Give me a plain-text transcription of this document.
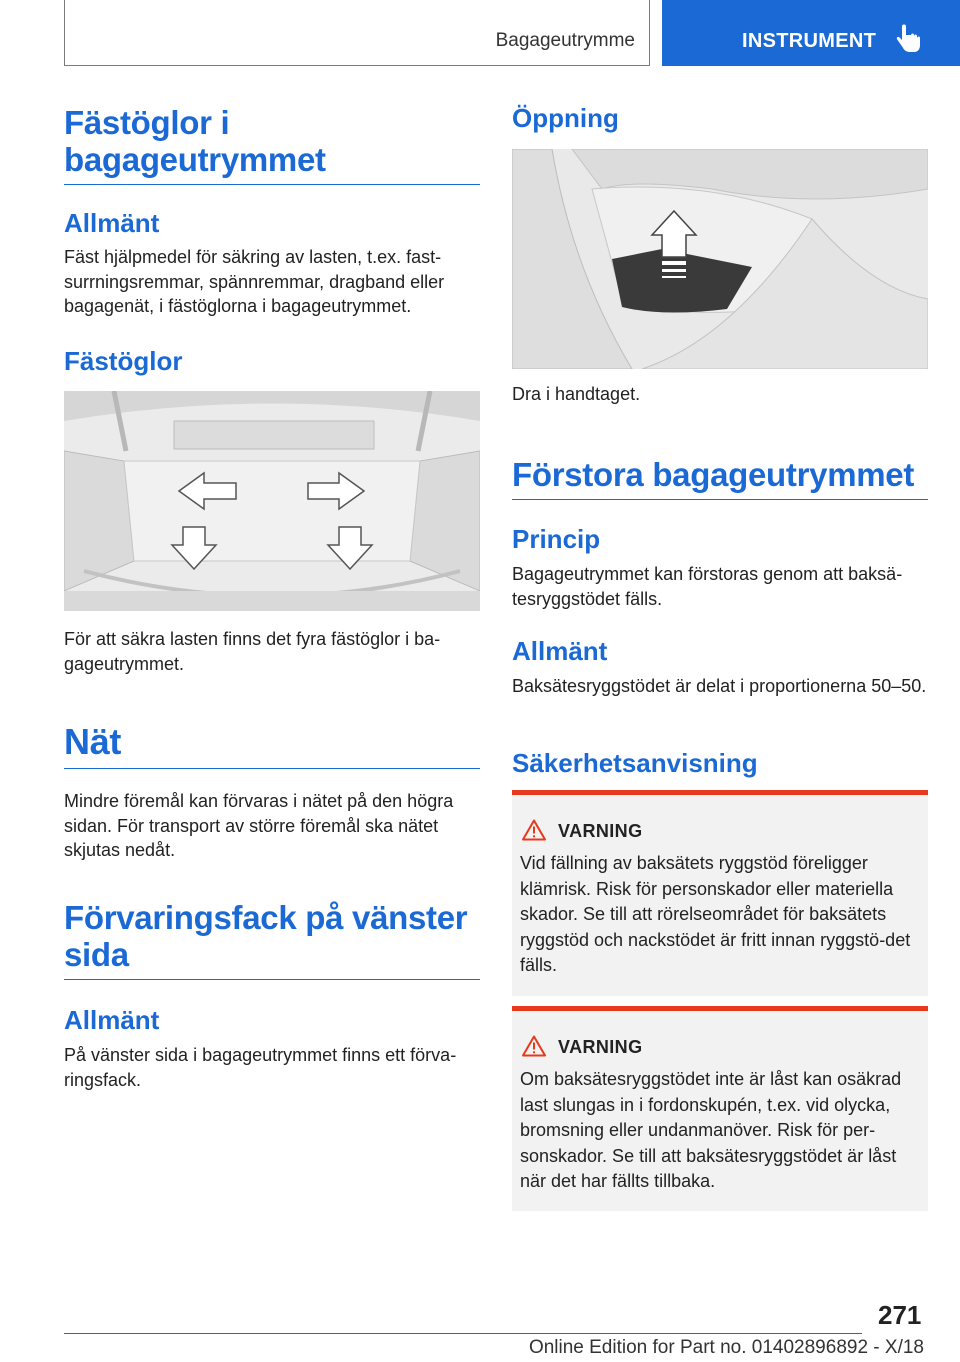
Bagageutrymme	INSTRUMENT
Fästöglor i bagageutrymmet
Allmänt
Fäst hjälpmedel för säkring av lasten, t.ex. fast-surrningsremmar, spännremmar, dragband eller bagagenät, i fästöglorna i bagageutrymmet.
Fästöglor
För att säkra lasten finns det fyra fästöglor i ba-gageutrymmet.
Nät
Mindre föremål kan förvaras i nätet på den högra sidan. För transport av större föremål ska nätet skjutas nedåt.
Förvaringsfack på vänster sida
Allmänt
På vänster sida i bagageutrymmet finns ett förva-ringsfack.
Öppning
Dra i handtaget.
Förstora bagageutrymmet
Princip
Bagageutrymmet kan förstoras genom att baksä-tesryggstödet fälls.
Allmänt
Baksätesryggstödet är delat i proportionerna 50–50.
Säkerhetsanvisning
VARNING
Vid fällning av baksätets ryggstöd föreligger klämrisk. Risk för personskador eller materiella skador. Se till att rörelseområdet för baksätets ryggstöd och nackstödet är fritt innan ryggstö-det fälls.
VARNING
Om baksätesryggstödet inte är låst kan osäkrad last slungas in i fordonskupén, t.ex. vid olycka, bromsning eller undanmanöver. Risk för per-sonskador. Se till att baksätesryggstödet är låst när det har fällts tillbaka.
271
Online Edition for Part no. 01402896892 - X/18
